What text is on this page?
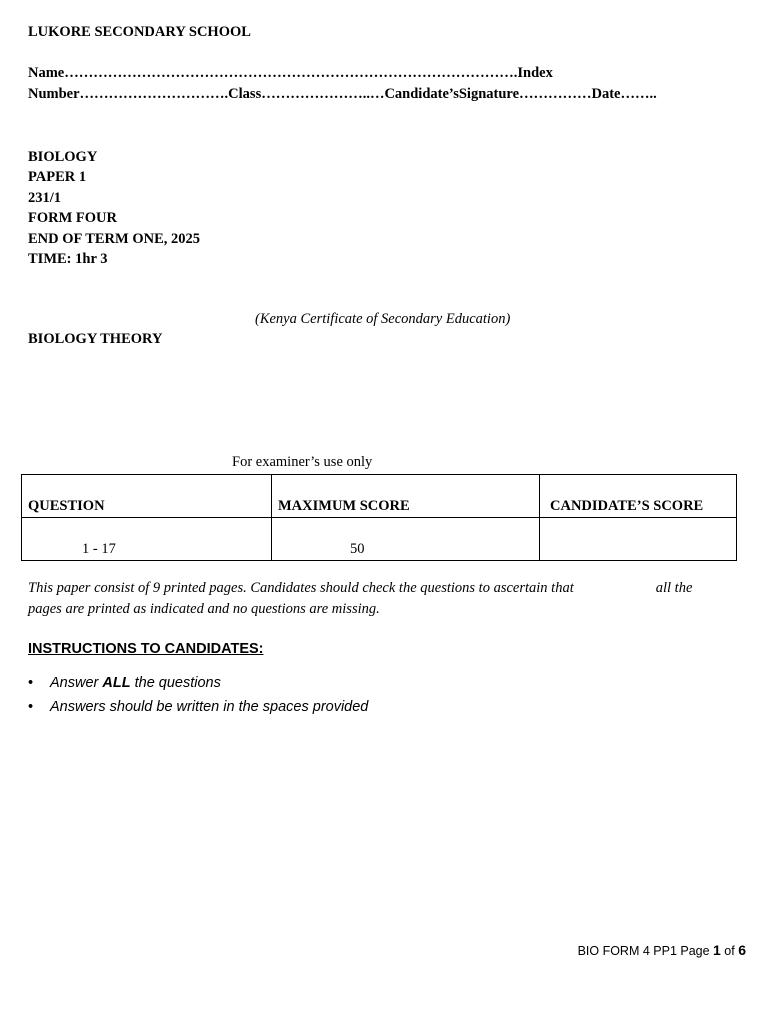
LUKORE SECONDARY SCHOOL
Name………………………………………………………………………………….Index
Number………………………….Class…………………..…Candidate’sSignature……………Date……..
BIOLOGY
PAPER 1
231/1
FORM FOUR
END OF TERM ONE, 2025
TIME: 1hr 3
(Kenya Certificate of Secondary Education)
BIOLOGY THEORY
For examiner’s use only
QUESTION	MAXIMUM SCORE	CANDIDATE’S SCORE
1 - 17	50	
This paper consist of 9 printed pages. Candidates should check the questions to ascertain that	all the pages are printed as indicated and no questions are missing.
INSTRUCTIONS TO CANDIDATES:
• Answer ALL the questions
• Answers should be written in the spaces provided
BIO FORM 4 PP1 Page 1 of 6
